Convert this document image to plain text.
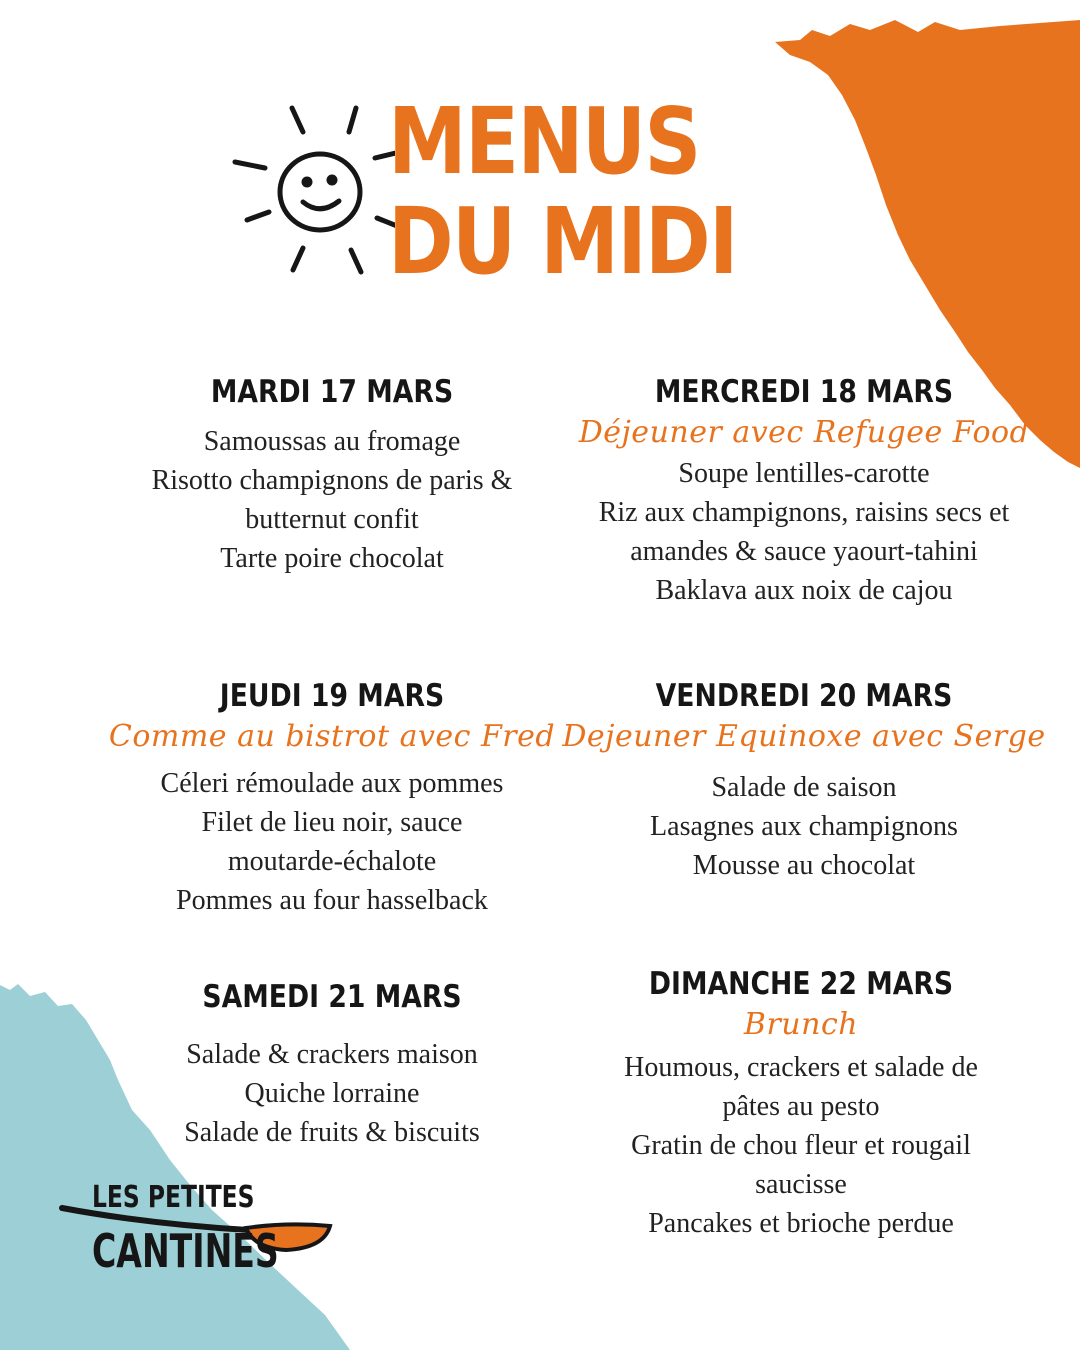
MENUS
DU MIDI
MARDI 17 MARS
Samoussas au fromage
Risotto champignons de paris &
butternut confit
Tarte poire chocolat
MERCREDI 18 MARS
Déjeuner avec Refugee Food
Soupe lentilles-carotte
Riz aux champignons, raisins secs et
amandes & sauce yaourt-tahini
Baklava aux noix de cajou
JEUDI 19 MARS
Comme au bistrot avec Fred
Céleri rémoulade aux pommes
Filet de lieu noir, sauce
moutarde-échalote
Pommes au four hasselback
VENDREDI 20 MARS
Dejeuner Equinoxe avec Serge
Salade de saison
Lasagnes aux champignons
Mousse au chocolat
SAMEDI 21 MARS
Salade & crackers maison
Quiche lorraine
Salade de fruits & biscuits
DIMANCHE 22 MARS
Brunch
Houmous, crackers et salade de
pâtes au pesto
Gratin de chou fleur et rougail
saucisse
Pancakes et brioche perdue
LES PETITES
CANTINES
